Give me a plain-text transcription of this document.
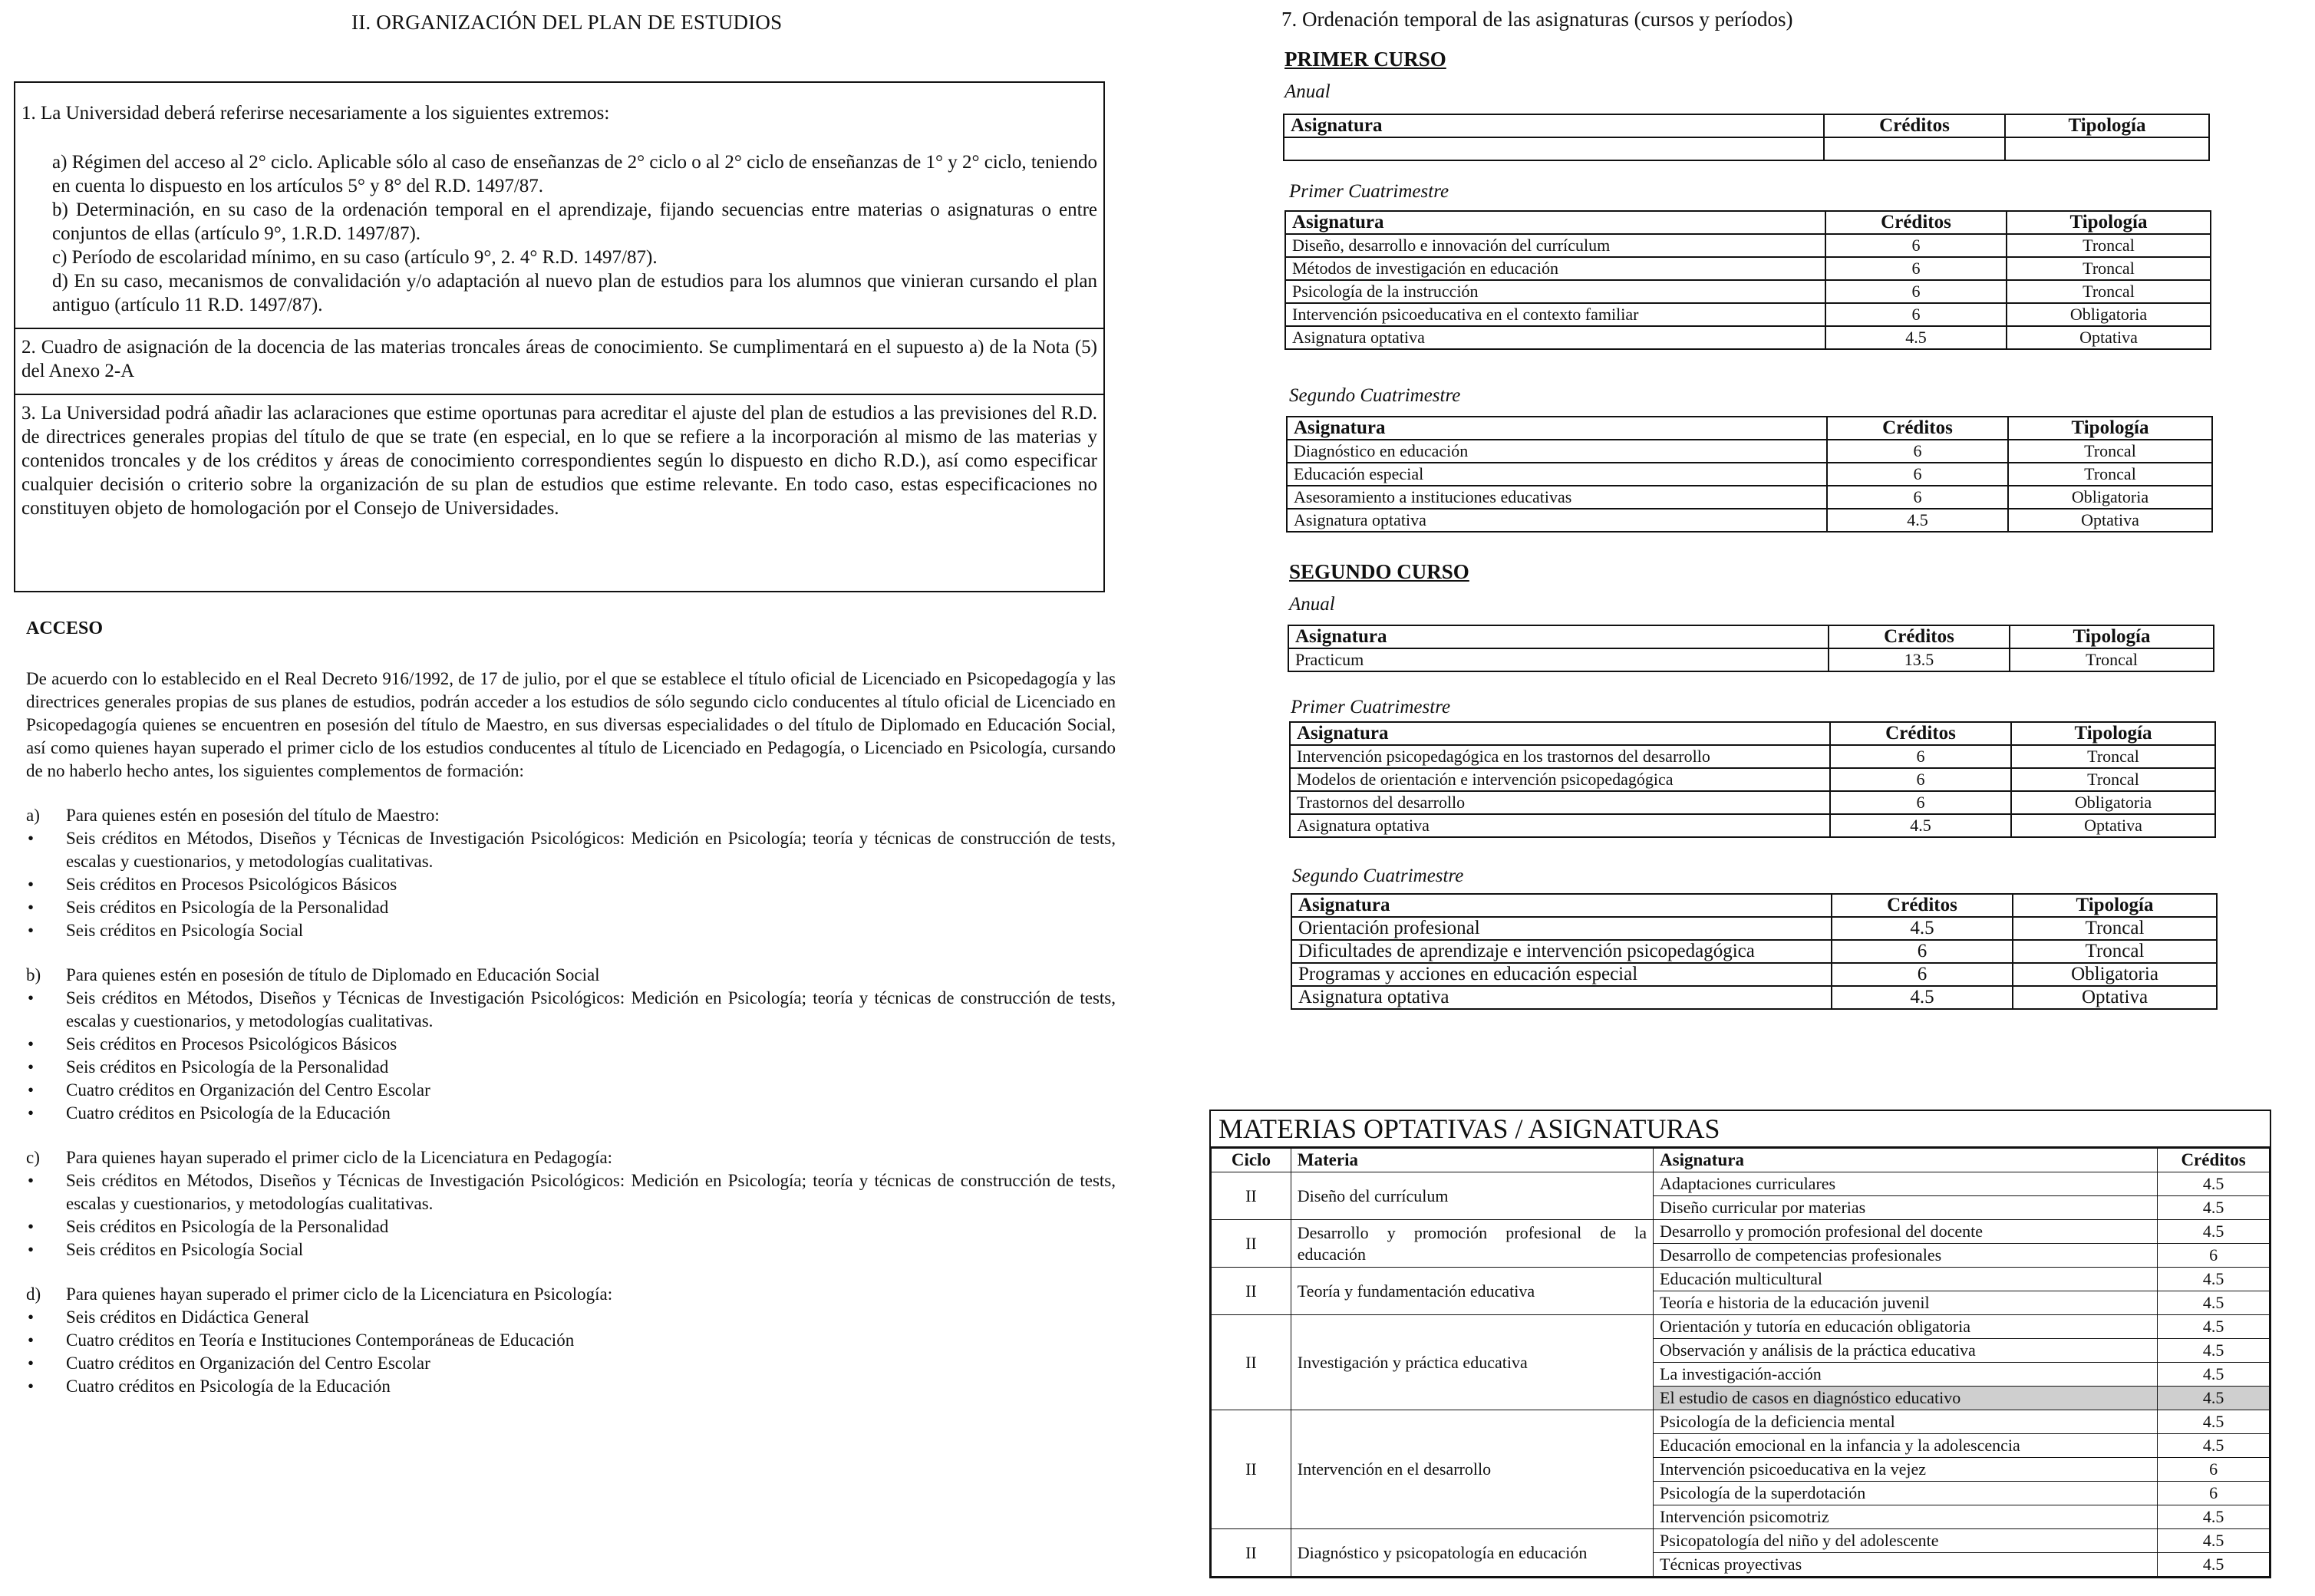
II. ORGANIZACIÓN DEL PLAN DE ESTUDIOS

1. La Universidad deberá referirse necesariamente a los siguientes extremos:

a) Régimen del acceso al 2° ciclo. Aplicable sólo al caso de enseñanzas de 2° ciclo o al 2° ciclo de enseñanzas de 1° y 2° ciclo, teniendo en cuenta lo dispuesto en los artículos 5° y 8° del R.D. 1497/87.

b) Determinación, en su caso de la ordenación temporal en el aprendizaje, fijando secuencias entre materias o asignaturas o entre conjuntos de ellas (artículo 9°, 1.R.D. 1497/87).

c) Período de escolaridad mínimo, en su caso (artículo 9°, 2. 4° R.D. 1497/87).

d) En su caso, mecanismos de convalidación y/o adaptación al nuevo plan de estudios para los alumnos que vinieran cursando el plan antiguo (artículo 11 R.D. 1497/87).

2. Cuadro de asignación de la docencia de las materias troncales áreas de conocimiento. Se cumplimentará en el supuesto a) de la Nota (5) del Anexo 2-A

3. La Universidad podrá añadir las aclaraciones que estime oportunas para acreditar el ajuste del plan de estudios a las previsiones del R.D. de directrices generales propias del título de que se trate (en especial, en lo que se refiere a la incorporación al mismo de las materias y contenidos troncales y de los créditos y áreas de conocimiento correspondientes según lo dispuesto en dicho R.D.), así como especificar cualquier decisión o criterio sobre la organización de su plan de estudios que estime relevante. En todo caso, estas especificaciones no constituyen objeto de homologación por el Consejo de Universidades.

ACCESO

De acuerdo con lo establecido en el Real Decreto 916/1992, de 17 de julio, por el que se establece el título oficial de Licenciado en Psicopedagogía y las directrices generales propias de sus planes de estudios, podrán acceder a los estudios de sólo segundo ciclo conducentes al título oficial de Licenciado en Psicopedagogía quienes se encuentren en posesión del título de Maestro, en sus diversas especialidades o del título de Diplomado en Educación Social, así como quienes hayan superado el primer ciclo de los estudios conducentes al título de Licenciado en Pedagogía, o Licenciado en Psicología, cursando de no haberlo hecho antes, los siguientes complementos de formación:

a)	Para quienes estén en posesión del título de Maestro:
• Seis créditos en Métodos, Diseños y Técnicas de Investigación Psicológicos: Medición en Psicología; teoría y técnicas de construcción de tests, escalas y cuestionarios, y metodologías cualitativas.
• Seis créditos en Procesos Psicológicos Básicos
• Seis créditos en Psicología de la Personalidad
• Seis créditos en Psicología Social
b)	Para quienes estén en posesión de título de Diplomado en Educación Social
• Seis créditos en Métodos, Diseños y Técnicas de Investigación Psicológicos: Medición en Psicología; teoría y técnicas de construcción de tests, escalas y cuestionarios, y metodologías cualitativas.
• Seis créditos en Procesos Psicológicos Básicos
• Seis créditos en Psicología de la Personalidad
• Cuatro créditos en Organización del Centro Escolar
• Cuatro créditos en Psicología de la Educación
c)	Para quienes hayan superado el primer ciclo de la Licenciatura en Pedagogía:
• Seis créditos en Métodos, Diseños y Técnicas de Investigación Psicológicos: Medición en Psicología; teoría y técnicas de construcción de tests, escalas y cuestionarios, y metodologías cualitativas.
• Seis créditos en Psicología de la Personalidad
• Seis créditos en Psicología Social
d)	Para quienes hayan superado el primer ciclo de la Licenciatura en Psicología:
• Seis créditos en Didáctica General
• Cuatro créditos en Teoría e Instituciones Contemporáneas de Educación
• Cuatro créditos en Organización del Centro Escolar
• Cuatro créditos en Psicología de la Educación
7. Ordenación temporal de las asignaturas (cursos y períodos)
PRIMER CURSO
Anual
Asignatura	Créditos	Tipología

Primer Cuatrimestre
Asignatura	Créditos	Tipología
Diseño, desarrollo e innovación del currículum	6	Troncal
Métodos de investigación en educación	6	Troncal
Psicología de la instrucción	6	Troncal
Intervención psicoeducativa en el contexto familiar	6	Obligatoria
Asignatura optativa	4.5	Optativa
Segundo Cuatrimestre
Asignatura	Créditos	Tipología
Diagnóstico en educación	6	Troncal
Educación especial	6	Troncal
Asesoramiento a instituciones educativas	6	Obligatoria
Asignatura optativa	4.5	Optativa
SEGUNDO CURSO
Anual
Asignatura	Créditos	Tipología
Practicum	13.5	Troncal
Primer Cuatrimestre
Asignatura	Créditos	Tipología
Intervención psicopedagógica en los trastornos del desarrollo	6	Troncal
Modelos de orientación e intervención psicopedagógica	6	Troncal
Trastornos del desarrollo	6	Obligatoria
Asignatura optativa	4.5	Optativa
Segundo Cuatrimestre
Asignatura	Créditos	Tipología
Orientación profesional	4.5	Troncal
Dificultades de aprendizaje e intervención psicopedagógica	6	Troncal
Programas y acciones en educación especial	6	Obligatoria
Asignatura optativa	4.5	Optativa
MATERIAS OPTATIVAS / ASIGNATURAS
Ciclo	Materia	Asignatura	Créditos
II	Diseño del currículum	Adaptaciones curriculares	4.5
		Diseño curricular por materias	4.5
II	Desarrollo y promoción profesional de la educación	Desarrollo y promoción profesional del docente	4.5
		Desarrollo de competencias profesionales	6
II	Teoría y fundamentación educativa	Educación multicultural	4.5
		Teoría e historia de la educación juvenil	4.5
II	Investigación y práctica educativa	Orientación y tutoría en educación obligatoria	4.5
		Observación y análisis de la práctica educativa	4.5
		La investigación-acción	4.5
		El estudio de casos en diagnóstico educativo	4.5
II	Intervención en el desarrollo	Psicología de la deficiencia mental	4.5
		Educación emocional en la infancia y la adolescencia	4.5
		Intervención psicoeducativa en la vejez	6
		Psicología de la superdotación	6
		Intervención psicomotriz	4.5
II	Diagnóstico y psicopatología en educación	Psicopatología del niño y del adolescente	4.5
		Técnicas proyectivas	4.5
